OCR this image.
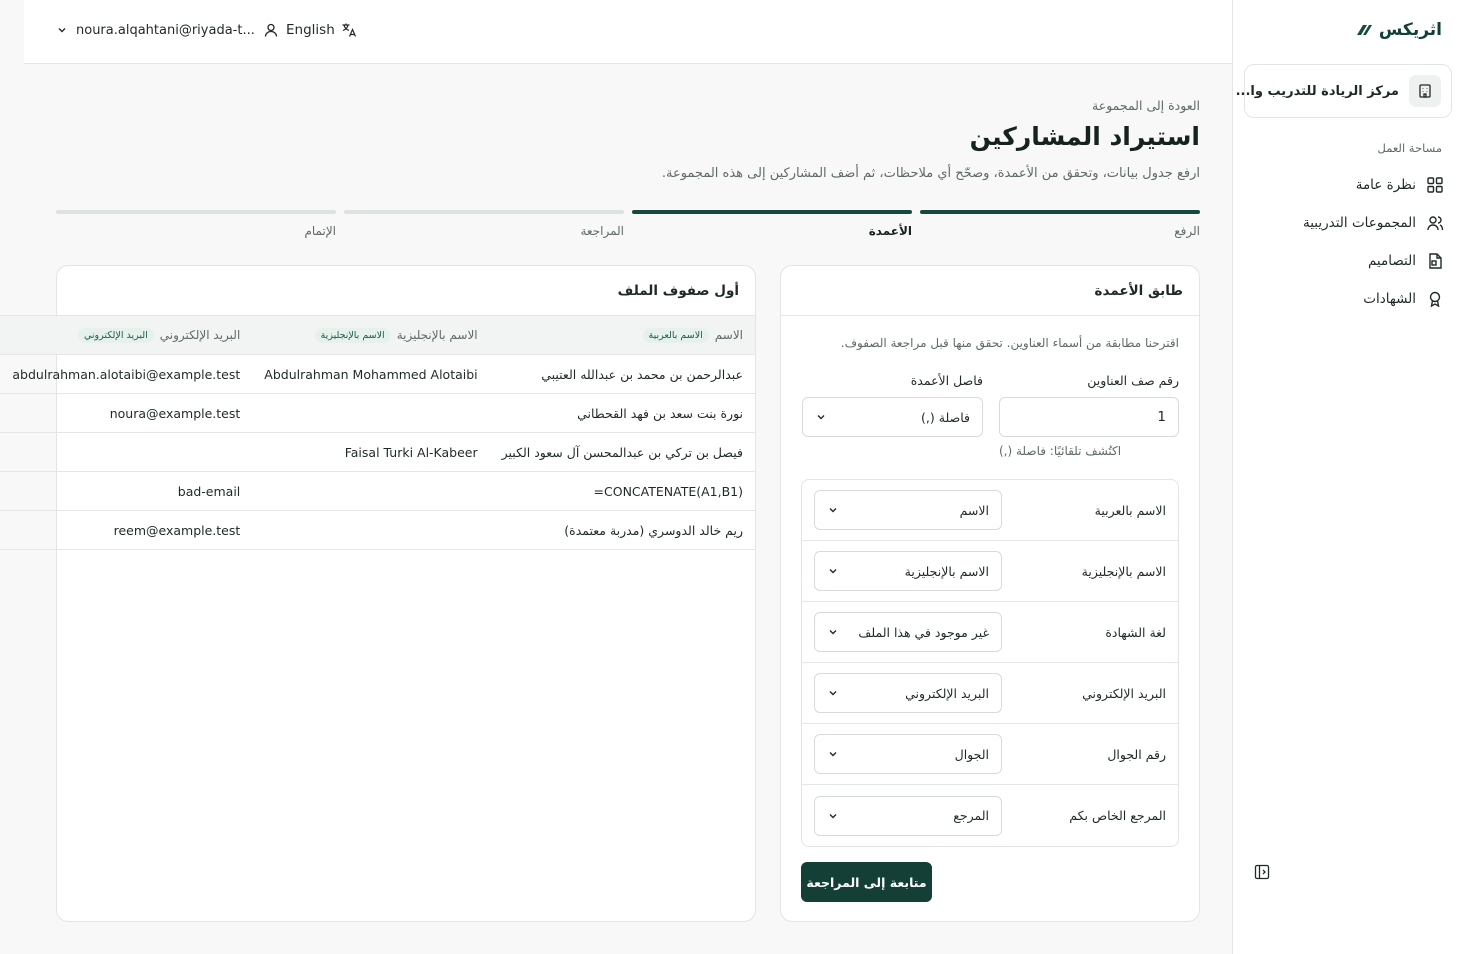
اثريكس
مركز الريادة للتدريب وا...
مساحة العمل
نظرة عامة
المجموعات التدريبية
التصاميم
الشهادات
noura.alqahtani@riyada-t... English
العودة إلى المجموعة
استيراد المشاركين

ارفع جدول بيانات، وتحقق من الأعمدة، وصحّح أي ملاحظات، ثم أضف المشاركين إلى هذه المجموعة.

الرفع
الأعمدة
المراجعة
الإتمام
طابق الأعمدة

اقترحنا مطابقة من أسماء العناوين. تحقق منها قبل مراجعة الصفوف.

رقم صف العناوين
1
فاصل الأعمدة
فاصلة (,)

اكتُشف تلقائيًا: فاصلة (,)

الاسم بالعربية
الاسم
الاسم بالإنجليزية
الاسم بالإنجليزية
لغة الشهادة
غير موجود في هذا الملف
البريد الإلكتروني
البريد الإلكتروني
رقم الجوال
الجوال
المرجع الخاص بكم
المرجع
متابعة إلى المراجعة
أول صفوف الملف
الاسمالاسم بالعربية	الاسم بالإنجليزيةالاسم بالإنجليزية	البريد الإلكترونيالبريد الإلكتروني
عبدالرحمن بن محمد بن عبدالله العتيبي	Abdulrahman Mohammed Alotaibi	abdulrahman.alotaibi@example.test
نورة بنت سعد بن فهد القحطاني		noura@example.test
فيصل بن تركي بن عبدالمحسن آل سعود الكبير	Faisal Turki Al-Kabeer	
=CONCATENATE(A1,B1)		bad-email
ريم خالد الدوسري (مدربة معتمدة)		reem@example.test
